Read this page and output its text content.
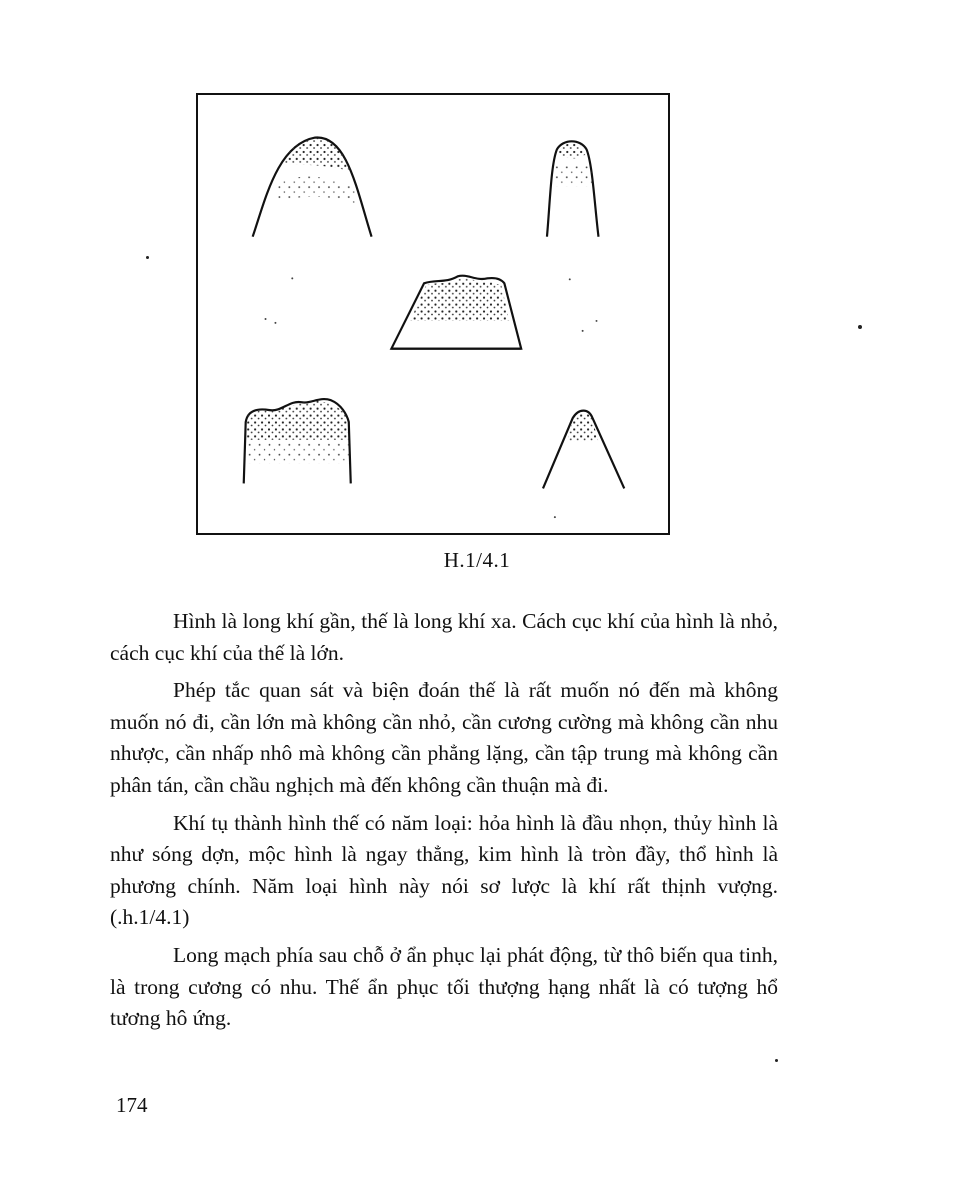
H.1/4.1

Hình là long khí gần, thế là long khí xa. Cách cục khí của hình là nhỏ, cách cục khí của thế là lớn.

Phép tắc quan sát và biện đoán thế là rất muốn nó đến mà không muốn nó đi, cần lớn mà không cần nhỏ, cần cương cường mà không cần nhu nhược, cần nhấp nhô mà không cần phẳng lặng, cần tập trung mà không cần phân tán, cần chầu nghịch mà đến không cần thuận mà đi.

Khí tụ thành hình thế có năm loại: hỏa hình là đầu nhọn, thủy hình là như sóng dợn, mộc hình là ngay thẳng, kim hình là tròn đầy, thổ hình là phương chính. Năm loại hình này nói sơ lược là khí rất thịnh vượng. (.h.1/4.1)

Long mạch phía sau chỗ ở ẩn phục lại phát động, từ thô biến qua tinh, là trong cương có nhu. Thế ẩn phục tối thượng hạng nhất là có tượng hổ tương hô ứng.

174
